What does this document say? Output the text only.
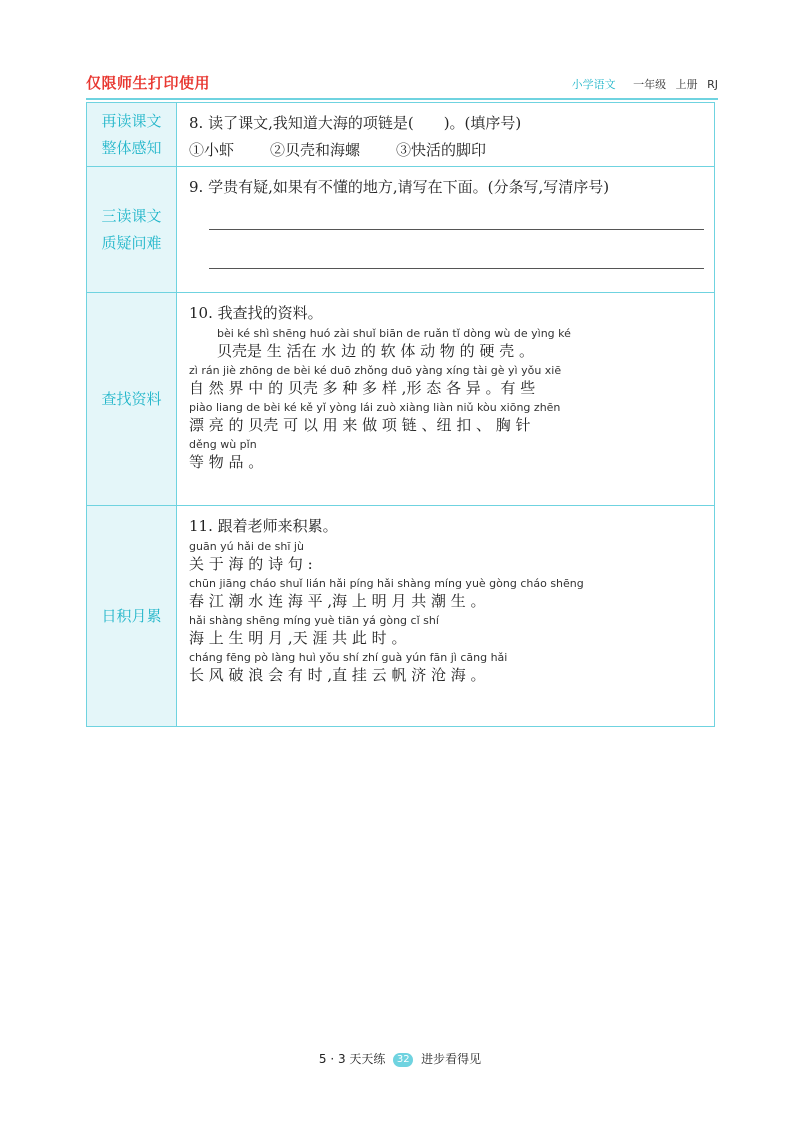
仅限师生打印使用	小学语文 一年级 上册 RJ
再读课文
整体感知
8. 读了课文,我知道大海的项链是(　　)。(填序号)
①小虾 ②贝壳和海螺 ③快活的脚印
三读课文
质疑问难
9. 学贵有疑,如果有不懂的地方,请写在下面。(分条写,写清序号)
查找资料
10. 我查找的资料。
bèi ké shì shēng huó zài shuǐ biān de ruǎn tǐ dòng wù de yìng ké
贝壳是 生 活在 水 边 的 软 体 动 物 的 硬 壳 。
zì rán jiè zhōng de bèi ké duō zhǒng duō yàng xíng tài gè yì yǒu xiē
自 然 界 中 的 贝壳 多 种 多 样 ,形 态 各 异 。有 些
piào liang de bèi ké kě yǐ yòng lái zuò xiàng liàn niǔ kòu xiōng zhēn
漂 亮 的 贝壳 可 以 用 来 做 项 链 、纽 扣 、 胸 针
děng wù pǐn
等 物 品 。
日积月累
11. 跟着老师来积累。
guān yú hǎi de shī jù
关 于 海 的 诗 句 :
chūn jiāng cháo shuǐ lián hǎi píng hǎi shàng míng yuè gòng cháo shēng
春 江 潮 水 连 海 平 ,海 上 明 月 共 潮 生 。
hǎi shàng shēng míng yuè tiān yá gòng cǐ shí
海 上 生 明 月 ,天 涯 共 此 时 。
cháng fēng pò làng huì yǒu shí zhí guà yún fān jì cāng hǎi
长 风 破 浪 会 有 时 ,直 挂 云 帆 济 沧 海 。
5 · 3 天天练 32 进步看得见
